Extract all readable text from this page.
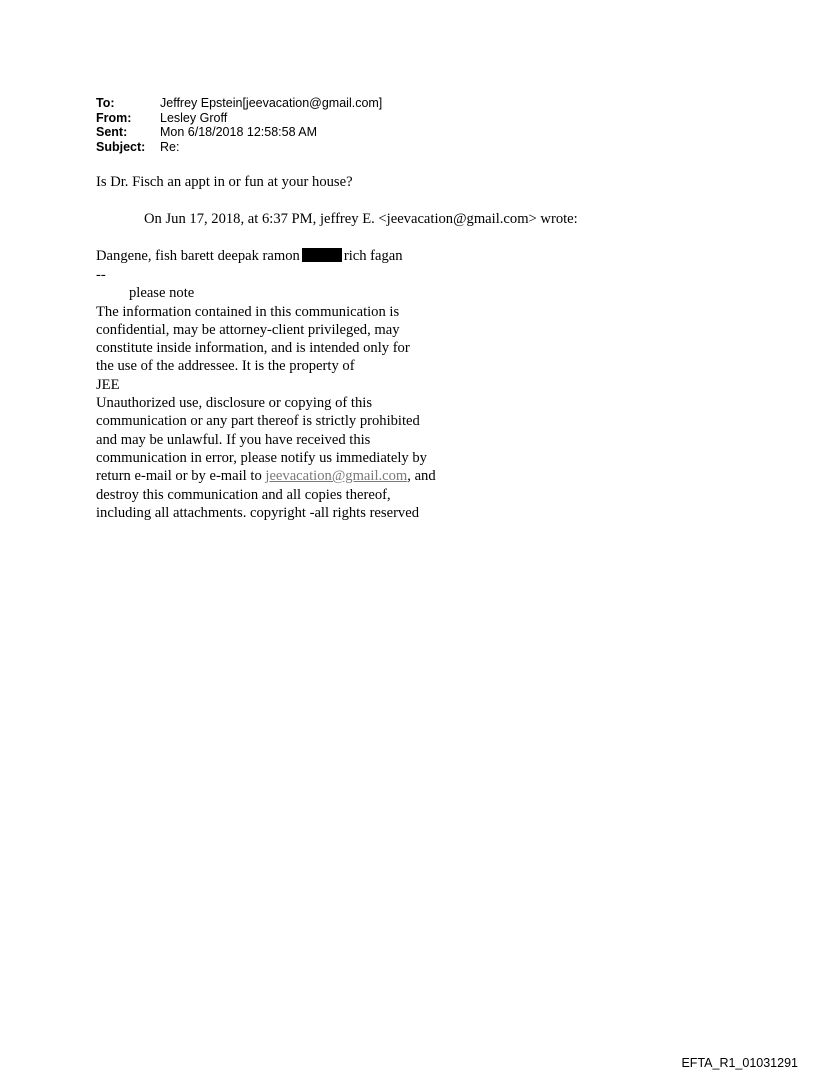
To:	Jeffrey Epstein[jeevacation@gmail.com]
From:	Lesley Groff
Sent:	Mon 6/18/2018 12:58:58 AM
Subject:	Re:
Is Dr. Fisch an appt in or fun at your house?
On Jun 17, 2018, at 6:37 PM, jeffrey E. <jeevacation@gmail.com> wrote:
Dangene, fish barett deepak ramon	rich fagan
--
please note
The information contained in this communication is
confidential, may be attorney-client privileged, may
constitute inside information, and is intended only for
the use of the addressee. It is the property of
JEE
Unauthorized use, disclosure or copying of this
communication or any part thereof is strictly prohibited
and may be unlawful. If you have received this
communication in error, please notify us immediately by
return e-mail or by e-mail to jeevacation@gmail.com, and
destroy this communication and all copies thereof,
including all attachments. copyright -all rights reserved
EFTA_R1_01031291
